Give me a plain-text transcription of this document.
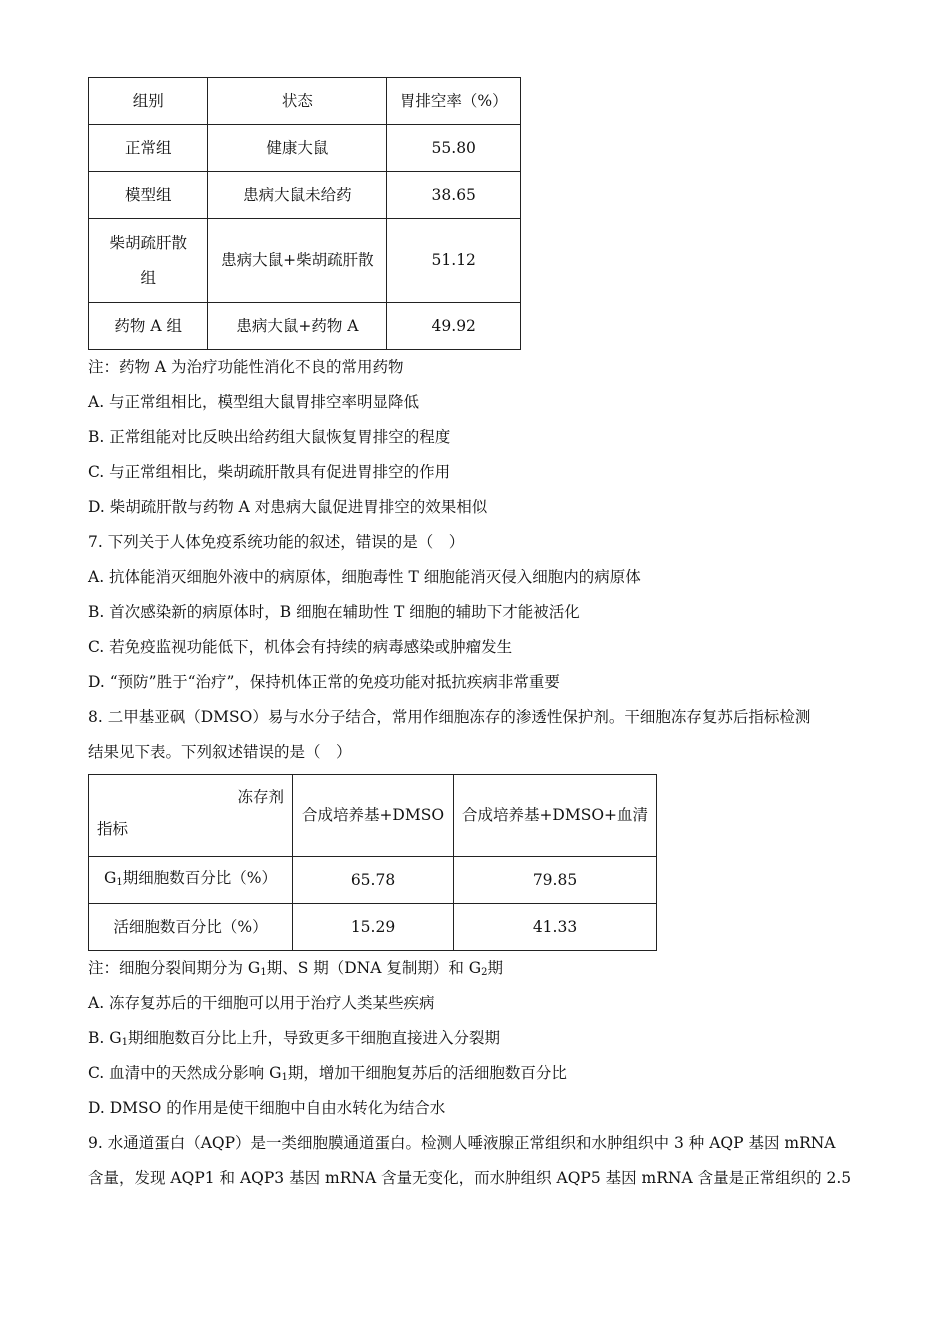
组别	状态	胃排空率（%）
正常组	健康大鼠	55.80
模型组	患病大鼠未给药	38.65

柴胡疏肝散
组	患病大鼠+柴胡疏肝散	51.12
药物 A 组	患病大鼠+药物 A	49.92
注：药物 A 为治疗功能性消化不良的常用药物
A. 与正常组相比，模型组大鼠胃排空率明显降低
B. 正常组能对比反映出给药组大鼠恢复胃排空的程度
C. 与正常组相比，柴胡疏肝散具有促进胃排空的作用
D. 柴胡疏肝散与药物 A 对患病大鼠促进胃排空的效果相似
7. 下列关于人体免疫系统功能的叙述，错误的是（　）
A. 抗体能消灭细胞外液中的病原体，细胞毒性 T 细胞能消灭侵入细胞内的病原体
B. 首次感染新的病原体时，B 细胞在辅助性 T 细胞的辅助下才能被活化
C. 若免疫监视功能低下，机体会有持续的病毒感染或肿瘤发生
D. “预防”胜于“治疗”，保持机体正常的免疫功能对抵抗疾病非常重要
8. 二甲基亚砜（DMSO）易与水分子结合，常用作细胞冻存的渗透性保护剂。干细胞冻存复苏后指标检测
结果见下表。下列叙述错误的是（　）
冻存剂
指标	合成培养基+DMSO	合成培养基+DMSO+血清
$G_1$期细胞数百分比（%）	65.78	79.85
活细胞数百分比（%）	15.29	41.33
注：细胞分裂间期分为 $G_1$期、S 期（DNA 复制期）和 $G_2$期
A. 冻存复苏后的干细胞可以用于治疗人类某些疾病
B. $G_1$期细胞数百分比上升，导致更多干细胞直接进入分裂期
C. 血清中的天然成分影响 $G_1$期，增加干细胞复苏后的活细胞数百分比
D. DMSO 的作用是使干细胞中自由水转化为结合水
9. 水通道蛋白（AQP）是一类细胞膜通道蛋白。检测人唾液腺正常组织和水肿组织中 3 种 AQP 基因 mRNA
含量，发现 AQP1 和 AQP3 基因 mRNA 含量无变化，而水肿组织 AQP5 基因 mRNA 含量是正常组织的 2.5
